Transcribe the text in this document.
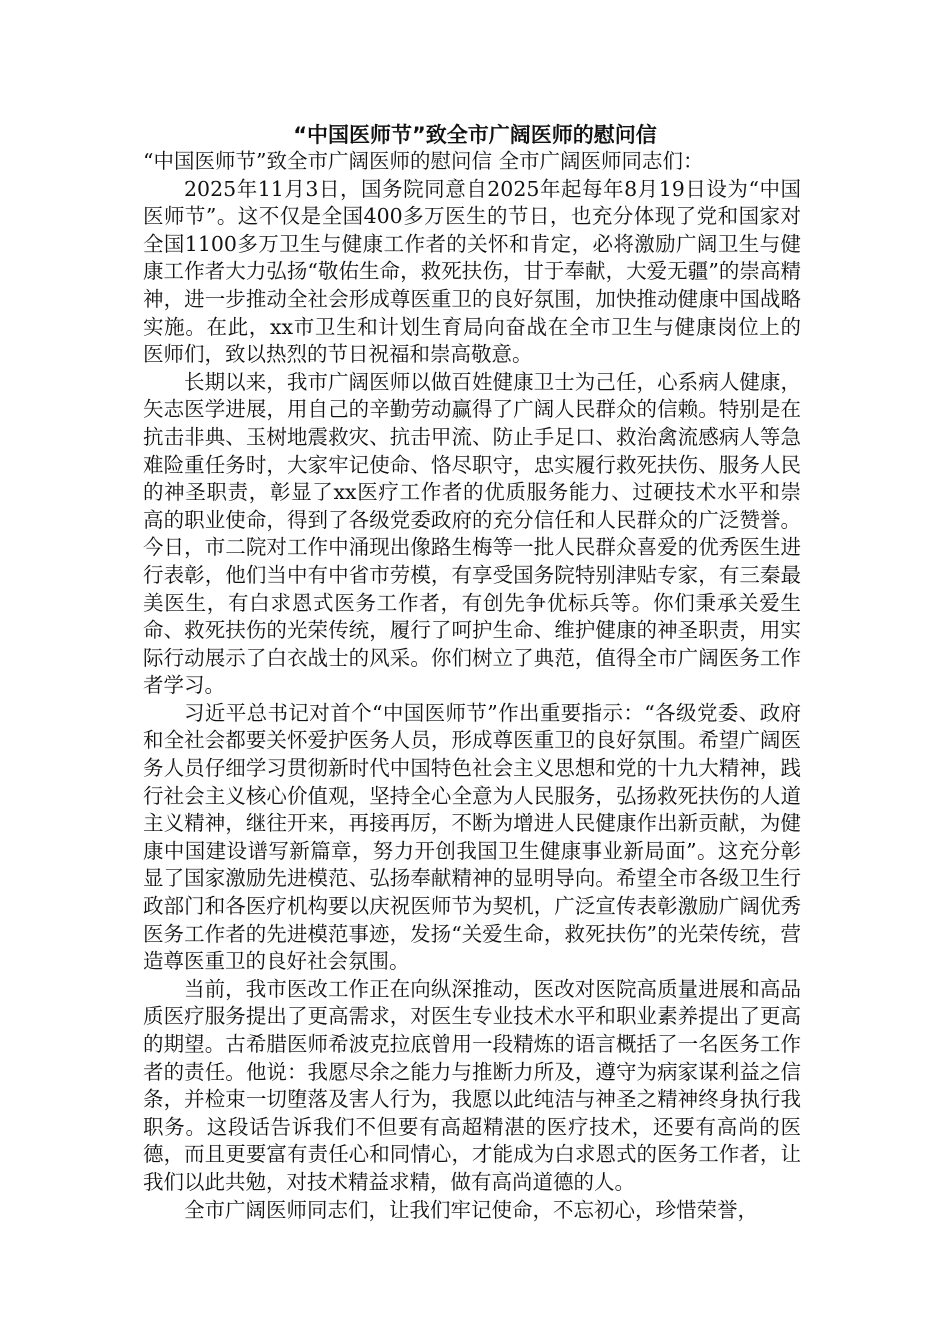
“中国医师节”致全市广阔医师的慰问信

“中国医师节”致全市广阔医师的慰问信 全市广阔医师同志们：

2025年11月3日，国务院同意自2025年起每年8月19日设为“中国医师节”。这不仅是全国400多万医生的节日，也充分体现了党和国家对全国1100多万卫生与健康工作者的关怀和肯定，必将激励广阔卫生与健康工作者大力弘扬“敬佑生命，救死扶伤，甘于奉献，大爱无疆”的崇高精神，进一步推动全社会形成尊医重卫的良好氛围，加快推动健康中国战略实施。在此，xx市卫生和计划生育局向奋战在全市卫生与健康岗位上的医师们，致以热烈的节日祝福和崇高敬意。

长期以来，我市广阔医师以做百姓健康卫士为己任，心系病人健康，矢志医学进展，用自己的辛勤劳动赢得了广阔人民群众的信赖。特别是在抗击非典、玉树地震救灾、抗击甲流、防止手足口、救治禽流感病人等急难险重任务时，大家牢记使命、恪尽职守，忠实履行救死扶伤、服务人民的神圣职责，彰显了xx医疗工作者的优质服务能力、过硬技术水平和崇高的职业使命，得到了各级党委政府的充分信任和人民群众的广泛赞誉。今日，市二院对工作中涌现出像路生梅等一批人民群众喜爱的优秀医生进行表彰，他们当中有中省市劳模，有享受国务院特别津贴专家，有三秦最美医生，有白求恩式医务工作者，有创先争优标兵等。你们秉承关爱生命、救死扶伤的光荣传统，履行了呵护生命、维护健康的神圣职责，用实际行动展示了白衣战士的风采。你们树立了典范，值得全市广阔医务工作者学习。

习近平总书记对首个“中国医师节”作出重要指示：“各级党委、政府和全社会都要关怀爱护医务人员，形成尊医重卫的良好氛围。希望广阔医务人员仔细学习贯彻新时代中国特色社会主义思想和党的十九大精神，践行社会主义核心价值观，坚持全心全意为人民服务，弘扬救死扶伤的人道主义精神，继往开来，再接再厉，不断为增进人民健康作出新贡献，为健康中国建设谱写新篇章，努力开创我国卫生健康事业新局面”。这充分彰显了国家激励先进模范、弘扬奉献精神的显明导向。希望全市各级卫生行政部门和各医疗机构要以庆祝医师节为契机，广泛宣传表彰激励广阔优秀医务工作者的先进模范事迹，发扬“关爱生命，救死扶伤”的光荣传统，营造尊医重卫的良好社会氛围。

当前，我市医改工作正在向纵深推动，医改对医院高质量进展和高品质医疗服务提出了更高需求，对医生专业技术水平和职业素养提出了更高的期望。古希腊医师希波克拉底曾用一段精炼的语言概括了一名医务工作者的责任。他说：我愿尽余之能力与推断力所及，遵守为病家谋利益之信条，并检束一切堕落及害人行为，我愿以此纯洁与神圣之精神终身执行我职务。这段话告诉我们不但要有高超精湛的医疗技术，还要有高尚的医德，而且更要富有责任心和同情心，才能成为白求恩式的医务工作者，让我们以此共勉，对技术精益求精，做有高尚道德的人。

全市广阔医师同志们，让我们牢记使命，不忘初心，珍惜荣誉，
